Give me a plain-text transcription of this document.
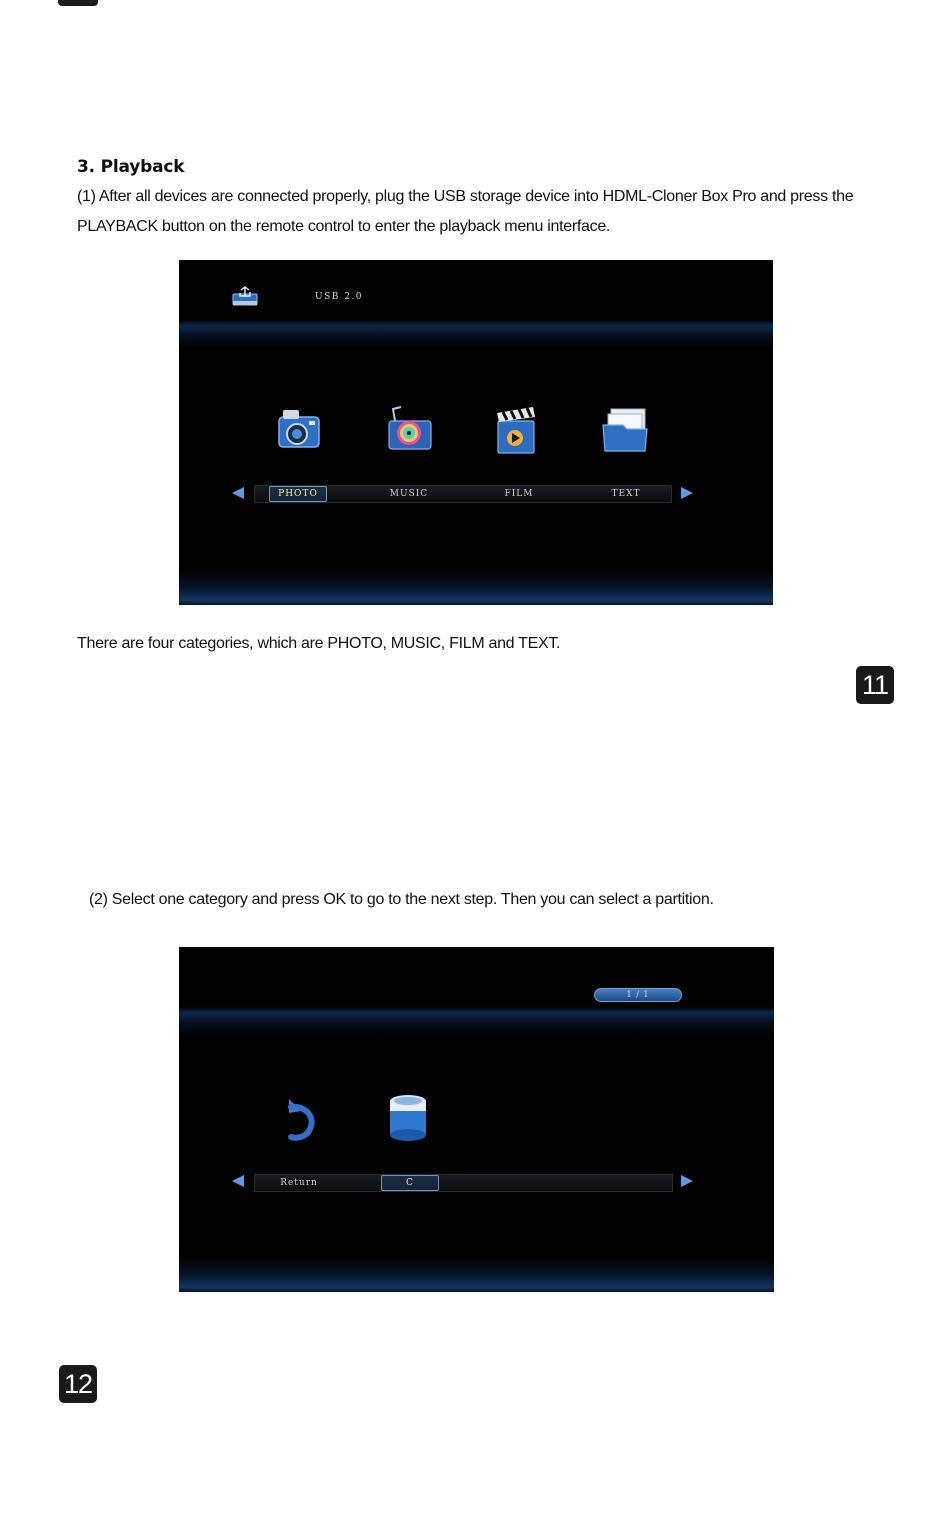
3. Playback
(1) After all devices are connected properly, plug the USB storage device into HDML-Cloner Box Pro and press the PLAYBACK button on the remote control to enter the playback menu interface.
USB 2.0
PHOTO	MUSIC	FILM	TEXT
There are four categories, which are PHOTO, MUSIC, FILM and TEXT.
11
(2) Select one category and press OK to go to the next step. Then you can select a partition.
1 / 1
Return	C
12
